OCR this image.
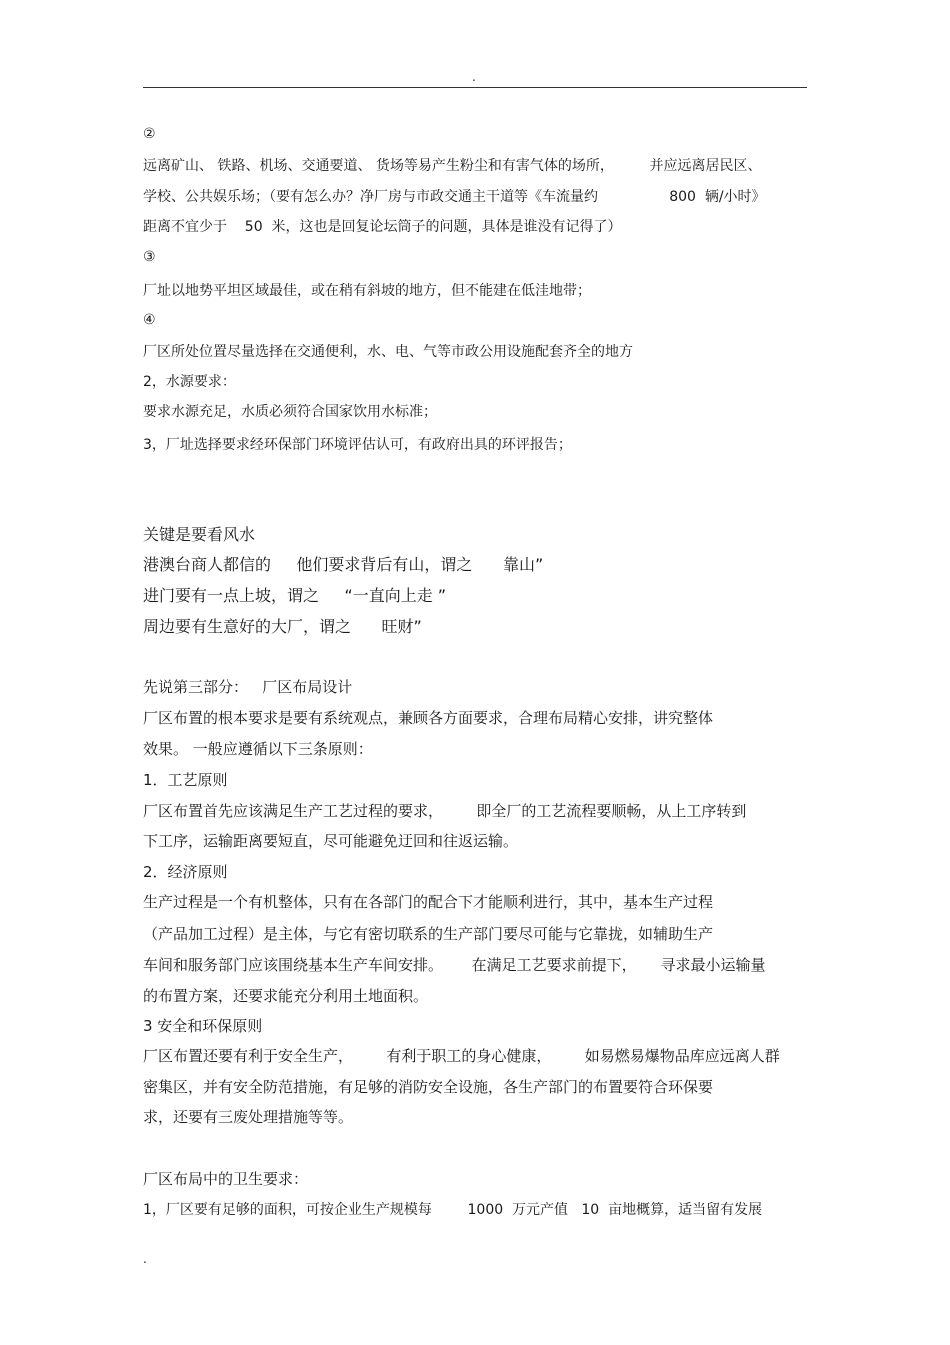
.
②
远离矿山、 铁路、机场、交通要道、 货场等易产生粉尘和有害气体的场所，        并应远离居民区、
学校、公共娱乐场；（要有怎么办？净厂房与市政交通主干道等《车流量约                800  辆/小时》
距离不宜少于    50  米，这也是回复论坛筒子的问题，具体是谁没有记得了）
③
厂址以地势平坦区域最佳，或在稍有斜坡的地方，但不能建在低洼地带；
④
厂区所处位置尽量选择在交通便利，水、电、气等市政公用设施配套齐全的地方
2，水源要求：
要求水源充足，水质必须符合国家饮用水标准；
3，厂址选择要求经环保部门环境评估认可，有政府出具的环评报告；
关键是要看风水
港澳台商人都信的     他们要求背后有山，谓之      靠山”
进门要有一点上坡，谓之     “一直向上走 ”
周边要有生意好的大厂，谓之      旺财”
先说第三部分：   厂区布局设计
厂区布置的根本要求是要有系统观点，兼顾各方面要求，合理布局精心安排，讲究整体
效果。 一般应遵循以下三条原则：
1．工艺原则
厂区布置首先应该满足生产工艺过程的要求，       即全厂的工艺流程要顺畅，从上工序转到
下工序，运输距离要短直，尽可能避免迂回和往返运输。
2．经济原则
生产过程是一个有机整体，只有在各部门的配合下才能顺利进行，其中，基本生产过程
（产品加工过程）是主体，与它有密切联系的生产部门要尽可能与它靠拢，如辅助生产
车间和服务部门应该围绕基本生产车间安排。      在满足工艺要求前提下，     寻求最小运输量
的布置方案，还要求能充分利用土地面积。
3 安全和环保原则
厂区布置还要有利于安全生产，       有利于职工的身心健康，       如易燃易爆物品库应远离人群
密集区，并有安全防范措施，有足够的消防安全设施，各生产部门的布置要符合环保要
求，还要有三废处理措施等等。
厂区布局中的卫生要求：
1，厂区要有足够的面积，可按企业生产规模每        1000  万元产值   10  亩地概算，适当留有发展
.
